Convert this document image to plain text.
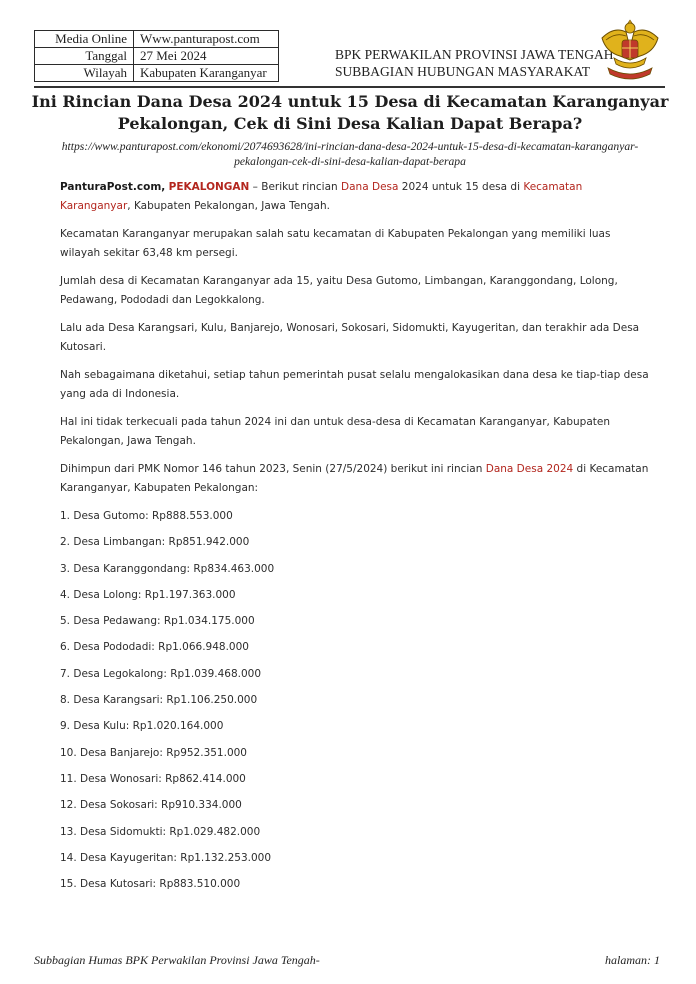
Media Online	Www.panturapost.com
Tanggal	27 Mei 2024
Wilayah	Kabupaten Karanganyar
BPK PERWAKILAN PROVINSI JAWA TENGAH
SUBBAGIAN HUBUNGAN MASYARAKAT
Ini Rincian Dana Desa 2024 untuk 15 Desa di Kecamatan Karanganyar
Pekalongan, Cek di Sini Desa Kalian Dapat Berapa?
https://www.panturapost.com/ekonomi/2074693628/ini-rincian-dana-desa-2024-untuk-15-desa-di-kecamatan-karanganyar-
pekalongan-cek-di-sini-desa-kalian-dapat-berapa

PanturaPost.com, PEKALONGAN – Berikut rincian Dana Desa 2024 untuk 15 desa di Kecamatan Karanganyar, Kabupaten Pekalongan, Jawa Tengah.

Kecamatan Karanganyar merupakan salah satu kecamatan di Kabupaten Pekalongan yang memiliki luas wilayah sekitar 63,48 km persegi.

Jumlah desa di Kecamatan Karanganyar ada 15, yaitu Desa Gutomo, Limbangan, Karanggondang, Lolong, Pedawang, Pododadi dan Legokkalong.

Lalu ada Desa Karangsari, Kulu, Banjarejo, Wonosari, Sokosari, Sidomukti, Kayugeritan, dan terakhir ada Desa Kutosari.

Nah sebagaimana diketahui, setiap tahun pemerintah pusat selalu mengalokasikan dana desa ke tiap-tiap desa yang ada di Indonesia.

Hal ini tidak terkecuali pada tahun 2024 ini dan untuk desa-desa di Kecamatan Karanganyar, Kabupaten Pekalongan, Jawa Tengah.

Dihimpun dari PMK Nomor 146 tahun 2023, Senin (27/5/2024) berikut ini rincian Dana Desa 2024 di Kecamatan Karanganyar, Kabupaten Pekalongan:

1. Desa Gutomo: Rp888.553.000
2. Desa Limbangan: Rp851.942.000
3. Desa Karanggondang: Rp834.463.000
4. Desa Lolong: Rp1.197.363.000
5. Desa Pedawang: Rp1.034.175.000
6. Desa Pododadi: Rp1.066.948.000
7. Desa Legokalong: Rp1.039.468.000
8. Desa Karangsari: Rp1.106.250.000
9. Desa Kulu: Rp1.020.164.000
10. Desa Banjarejo: Rp952.351.000
11. Desa Wonosari: Rp862.414.000
12. Desa Sokosari: Rp910.334.000
13. Desa Sidomukti: Rp1.029.482.000
14. Desa Kayugeritan: Rp1.132.253.000
15. Desa Kutosari: Rp883.510.000
Subbagian Humas BPK Perwakilan Provinsi Jawa Tengah-	halaman: 1
